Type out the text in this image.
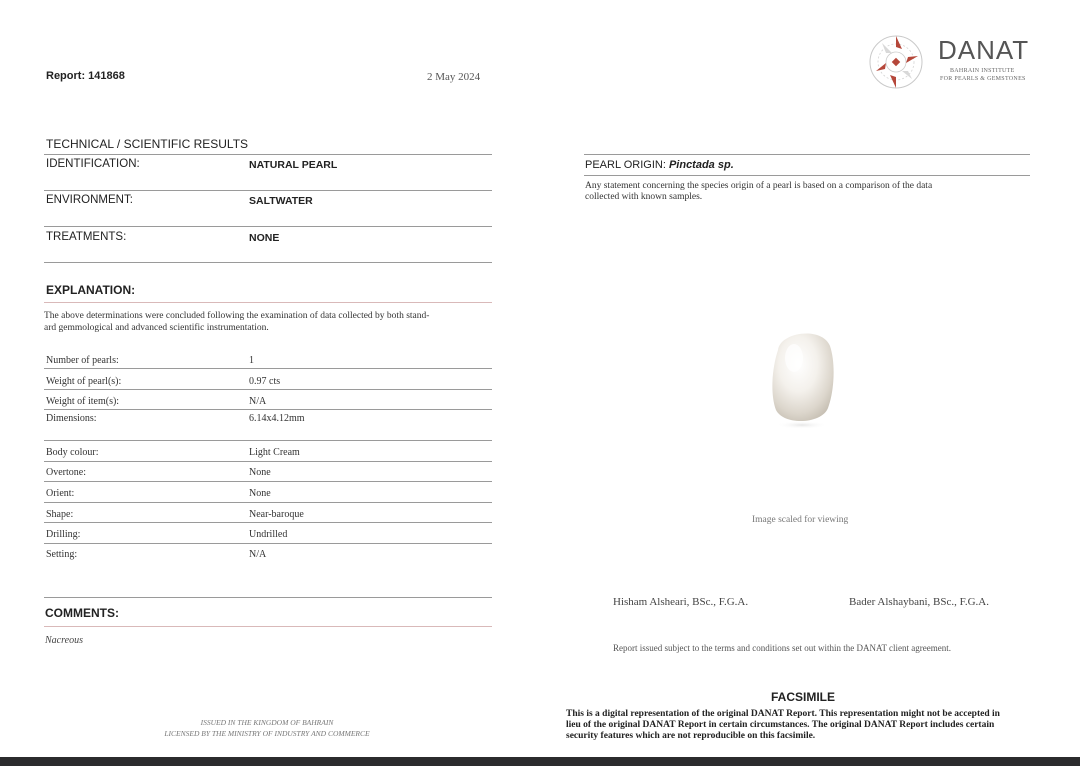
Report: 141868	2 May 2024
DANAT
BAHRAIN INSTITUTE
FOR PEARLS & GEMSTONES
TECHNICAL / SCIENTIFIC RESULTS
IDENTIFICATION:	NATURAL PEARL
ENVIRONMENT:	SALTWATER
TREATMENTS:	NONE
EXPLANATION:
The above determinations were concluded following the examination of data collected by both stand-
ard gemmological and advanced scientific instrumentation.
Number of pearls:	1
Weight of pearl(s):	0.97 cts
Weight of item(s):	N/A
Dimensions:	6.14x4.12mm
Body colour:	Light Cream
Overtone:	None
Orient:	None
Shape:	Near-baroque
Drilling:	Undrilled
Setting:	N/A
COMMENTS:
Nacreous
ISSUED IN THE KINGDOM OF BAHRAIN
LICENSED BY THE MINISTRY OF INDUSTRY AND COMMERCE
PEARL ORIGIN: Pinctada sp.
Any statement concerning the species origin of a pearl is based on a comparison of the data
collected with known samples.
Image scaled for viewing
Hisham Alsheari, BSc., F.G.A.	Bader Alshaybani, BSc., F.G.A.
Report issued subject to the terms and conditions set out within the DANAT client agreement.
FACSIMILE
This is a digital representation of the original DANAT Report. This representation might not be accepted in
lieu of the original DANAT Report in certain circumstances. The original DANAT Report includes certain
security features which are not reproducible on this facsimile.
